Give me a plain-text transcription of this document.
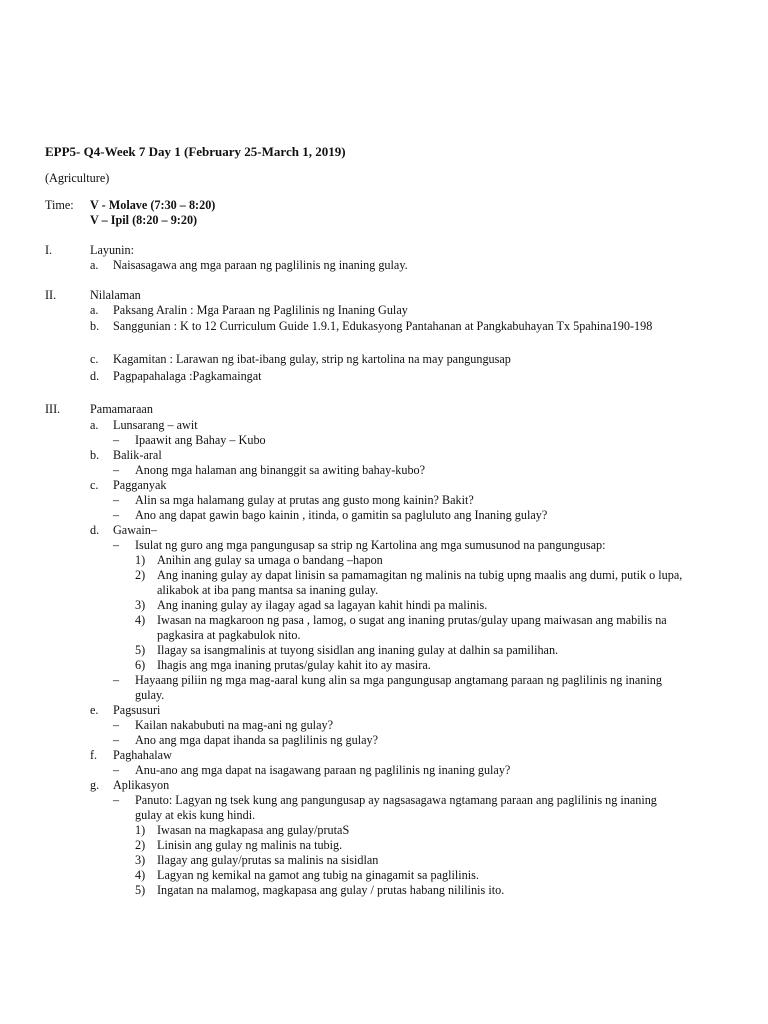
EPP5- Q4-Week 7 Day 1 (February 25-March 1, 2019)
(Agriculture)
Time: V - Molave (7:30 – 8:20)
V – Ipil (8:20 – 9:20)
I.	Layunin:
a. Naisasagawa ang mga paraan ng paglilinis ng inaning gulay.
II.	Nilalaman
a. Paksang Aralin : Mga Paraan ng Paglilinis ng Inaning Gulay
b. Sanggunian : K to 12 Curriculum Guide 1.9.1, Edukasyong Pantahanan at Pangkabuhayan Tx 5pahina190-198
c. Kagamitan : Larawan ng ibat-ibang gulay, strip ng kartolina na may pangungusap
d. Pagpapahalaga :Pagkamaingat
III. Pamamaraan
a. Lunsarang – awit
– Ipaawit ang Bahay – Kubo
b. Balik-aral
– Anong mga halaman ang binanggit sa awiting bahay-kubo?
c. Pagganyak
– Alin sa mga halamang gulay at prutas ang gusto mong kainin? Bakit?
– Ano ang dapat gawin bago kainin , itinda, o gamitin sa pagluluto ang Inaning gulay?
d. Gawain–
– Isulat ng guro ang mga pangungusap sa strip ng Kartolina ang mga sumusunod na pangungusap:
1) Anihin ang gulay sa umaga o bandang –hapon
2) Ang inaning gulay ay dapat linisin sa pamamagitan ng malinis na tubig upng maalis ang dumi, putik o lupa,
alikabok at iba pang mantsa sa inaning gulay.
3) Ang inaning gulay ay ilagay agad sa lagayan kahit hindi pa malinis.
4) Iwasan na magkaroon ng pasa , lamog, o sugat ang inaning prutas/gulay upang maiwasan ang mabilis na
pagkasira at pagkabulok nito.
5) Ilagay sa isangmalinis at tuyong sisidlan ang inaning gulay at dalhin sa pamilihan.
6) Ihagis ang mga inaning prutas/gulay kahit ito ay masira.
– Hayaang piliin ng mga mag-aaral kung alin sa mga pangungusap angtamang paraan ng paglilinis ng inaning
gulay.
e. Pagsusuri
– Kailan nakabubuti na mag-ani ng gulay?
– Ano ang mga dapat ihanda sa paglilinis ng gulay?
f. Paghahalaw
– Anu-ano ang mga dapat na isagawang paraan ng paglilinis ng inaning gulay?
g. Aplikasyon
– Panuto: Lagyan ng tsek kung ang pangungusap ay nagsasagawa ngtamang paraan ang paglilinis ng inaning
gulay at ekis kung hindi.
1) Iwasan na magkapasa ang gulay/prutaS
2) Linisin ang gulay ng malinis na tubig.
3) Ilagay ang gulay/prutas sa malinis na sisidlan
4) Lagyan ng kemikal na gamot ang tubig na ginagamit sa paglilinis.
5) Ingatan na malamog, magkapasa ang gulay / prutas habang nililinis ito.
